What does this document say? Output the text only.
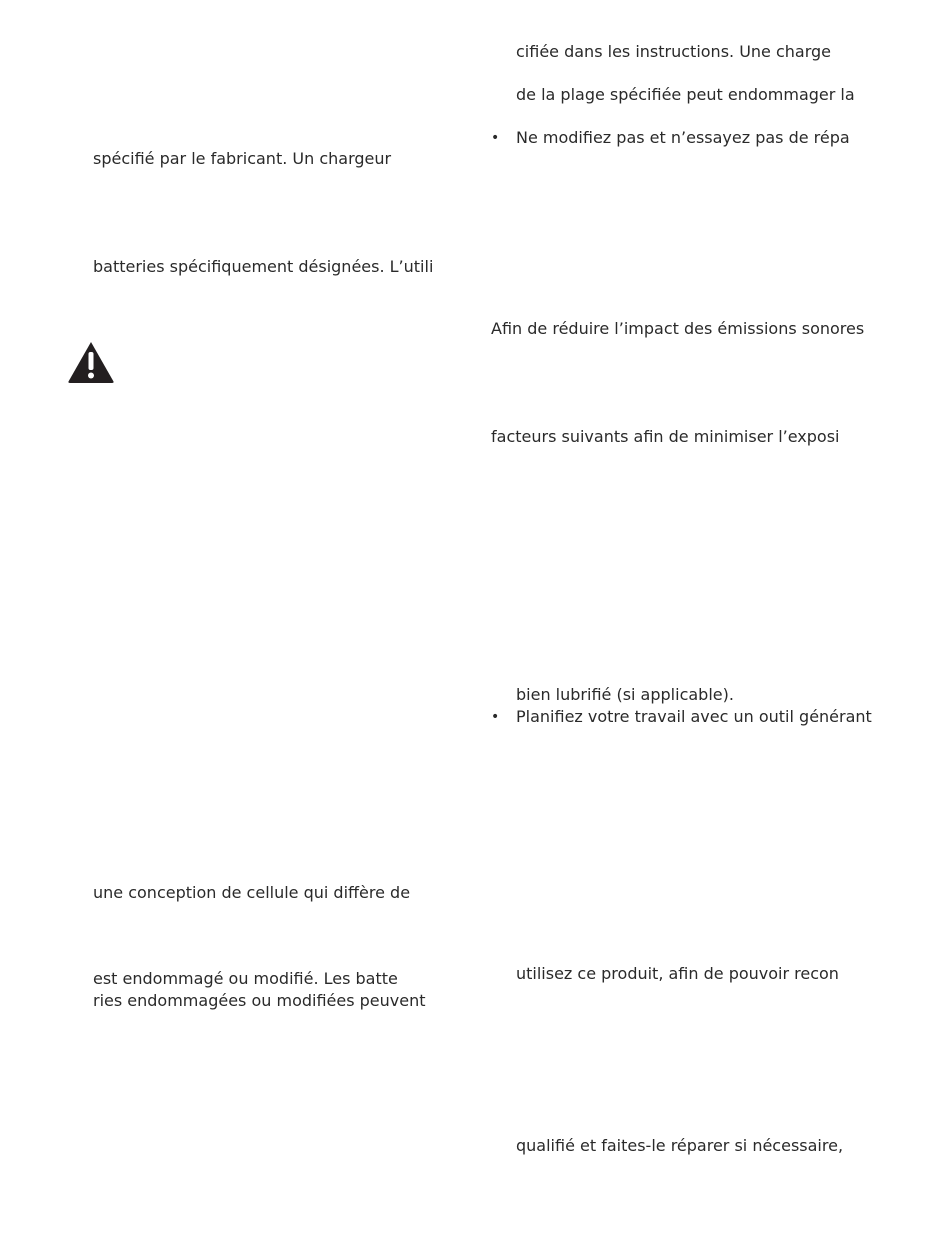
spécifié par le fabricant. Un chargeur
batteries spécifiquement désignées. L’utili
une conception de cellule qui diffère de
est endommagé ou modifié. Les batte
ries endommagées ou modifiées peuvent
cifiée dans les instructions. Une charge
de la plage spécifiée peut endommager la
• Ne modifiez pas et n’essayez pas de répa
Afin de réduire l’impact des émissions sonores
facteurs suivants afin de minimiser l’exposi
bien lubrifié (si applicable).
• Planifiez votre travail avec un outil générant
utilisez ce produit, afin de pouvoir recon
qualifié et faites-le réparer si nécessaire,
